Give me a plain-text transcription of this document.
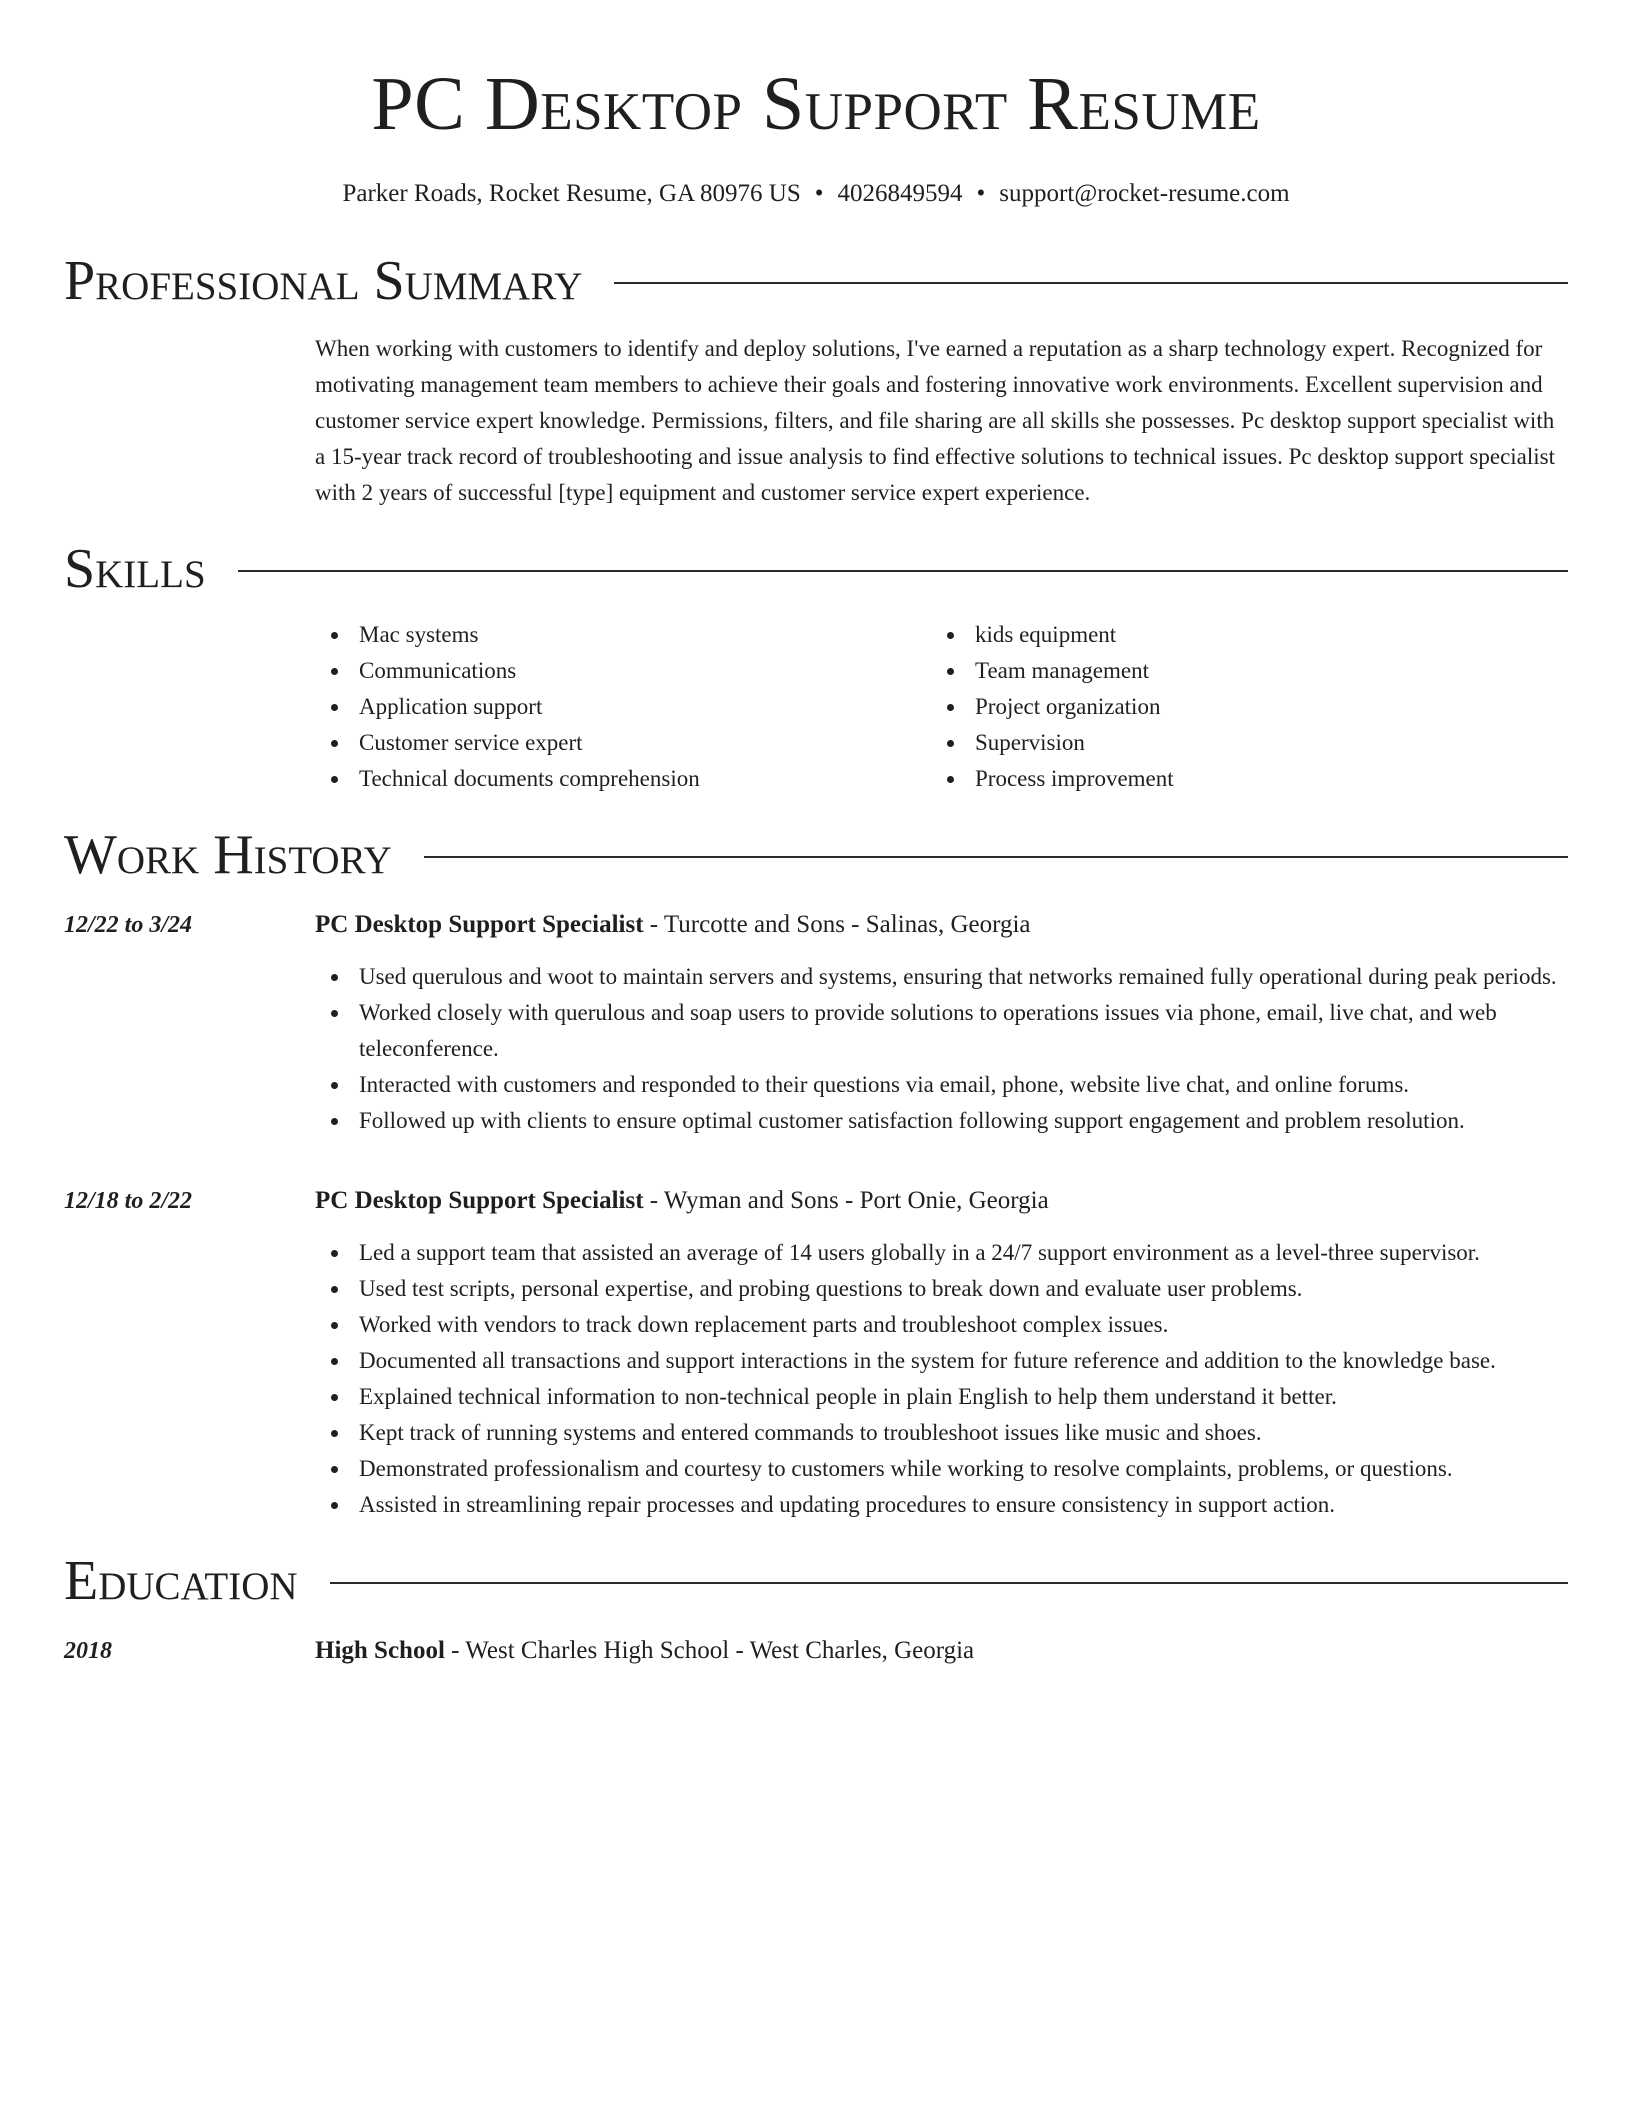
PC Desktop Support Resume
Parker Roads, Rocket Resume, GA 80976 US • 4026849594 • support@rocket-resume.com
Professional Summary

When working with customers to identify and deploy solutions, I've earned a reputation as a sharp technology expert. Recognized for motivating management team members to achieve their goals and fostering innovative work environments. Excellent supervision and customer service expert knowledge. Permissions, filters, and file sharing are all skills she possesses. Pc desktop support specialist with a 15-year track record of troubleshooting and issue analysis to find effective solutions to technical issues. Pc desktop support specialist with 2 years of successful [type] equipment and customer service expert experience.

Skills
Mac systems
Communications
Application support
Customer service expert
Technical documents comprehension
kids equipment
Team management
Project organization
Supervision
Process improvement
Work History
12/22 to 3/24	PC Desktop Support Specialist - Turcotte and Sons - Salinas, Georgia
Used querulous and woot to maintain servers and systems, ensuring that networks remained fully operational during peak periods.
Worked closely with querulous and soap users to provide solutions to operations issues via phone, email, live chat, and web teleconference.
Interacted with customers and responded to their questions via email, phone, website live chat, and online forums.
Followed up with clients to ensure optimal customer satisfaction following support engagement and problem resolution.
12/18 to 2/22	PC Desktop Support Specialist - Wyman and Sons - Port Onie, Georgia
Led a support team that assisted an average of 14 users globally in a 24/7 support environment as a level-three supervisor.
Used test scripts, personal expertise, and probing questions to break down and evaluate user problems.
Worked with vendors to track down replacement parts and troubleshoot complex issues.
Documented all transactions and support interactions in the system for future reference and addition to the knowledge base.
Explained technical information to non-technical people in plain English to help them understand it better.
Kept track of running systems and entered commands to troubleshoot issues like music and shoes.
Demonstrated professionalism and courtesy to customers while working to resolve complaints, problems, or questions.
Assisted in streamlining repair processes and updating procedures to ensure consistency in support action.
Education
2018	High School - West Charles High School - West Charles, Georgia
